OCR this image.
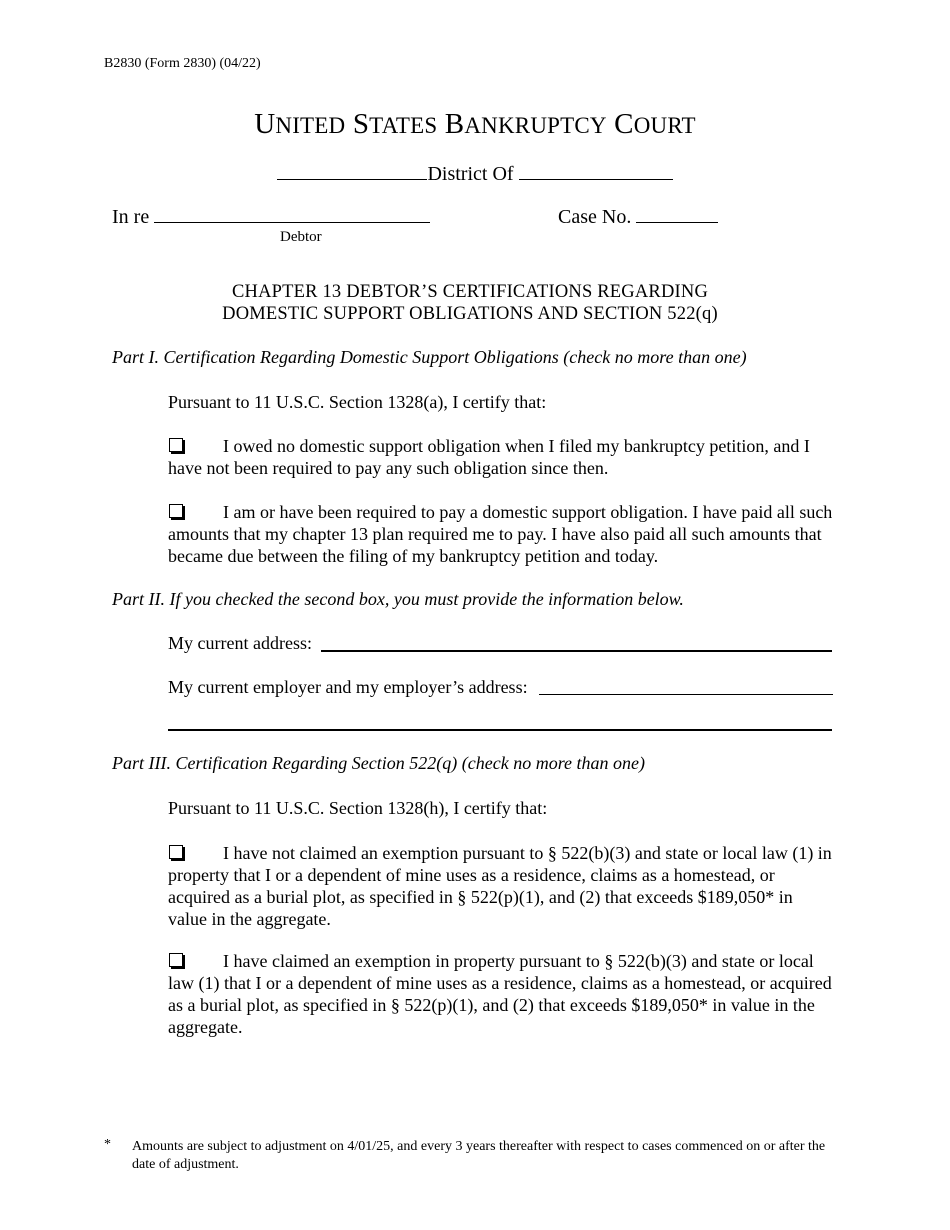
B2830 (Form 2830) (04/22)
UNITED STATES BANKRUPTCY COURT
District Of
In re
Debtor
Case No.
CHAPTER 13 DEBTOR’S CERTIFICATIONS REGARDING
DOMESTIC SUPPORT OBLIGATIONS AND SECTION 522(q)
Part I. Certification Regarding Domestic Support Obligations (check no more than one)
Pursuant to 11 U.S.C. Section 1328(a), I certify that:
I owed no domestic support obligation when I filed my bankruptcy petition, and I have not been required to pay any such obligation since then.
I am or have been required to pay a domestic support obligation. I have paid all such amounts that my chapter 13 plan required me to pay. I have also paid all such amounts that became due between the filing of my bankruptcy petition and today.
Part II. If you checked the second box, you must provide the information below.
My current address:
My current employer and my employer’s address:
Part III. Certification Regarding Section 522(q) (check no more than one)
Pursuant to 11 U.S.C. Section 1328(h), I certify that:
I have not claimed an exemption pursuant to § 522(b)(3) and state or local law (1) in property that I or a dependent of mine uses as a residence, claims as a homestead, or acquired as a burial plot, as specified in § 522(p)(1), and (2) that exceeds $189,050* in value in the aggregate.
I have claimed an exemption in property pursuant to § 522(b)(3) and state or local law (1) that I or a dependent of mine uses as a residence, claims as a homestead, or acquired as a burial plot, as specified in § 522(p)(1), and (2) that exceeds $189,050* in value in the aggregate.
* Amounts are subject to adjustment on 4/01/25, and every 3 years thereafter with respect to cases commenced on or after the date of adjustment.
